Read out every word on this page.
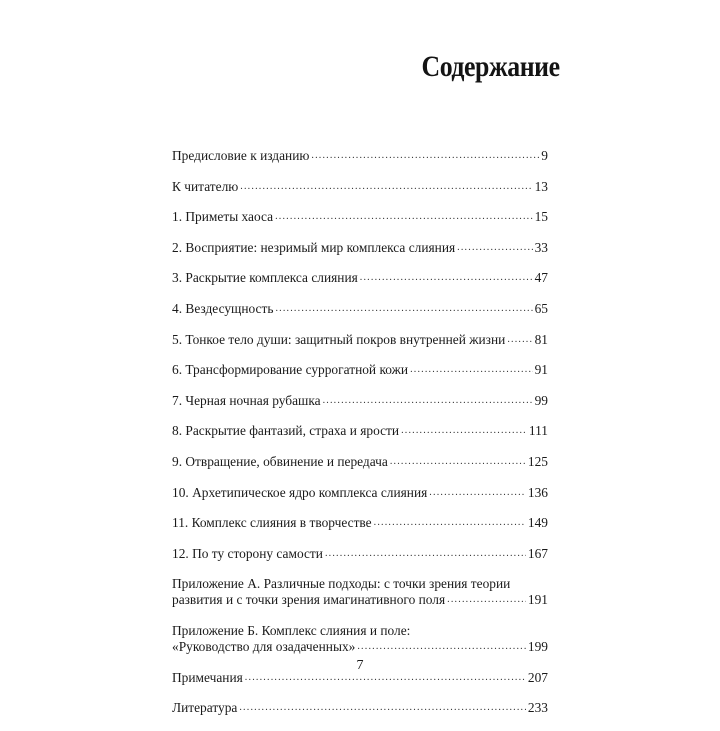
Содержание
Предисловие к изданию .....	9
К читателю .....	13
1. Приметы хаоса .....	15
2. Восприятие: незримый мир комплекса слияния .....	33
3. Раскрытие комплекса слияния .....	47
4. Вездесущность .....	65
5. Тонкое тело души: защитный покров внутренней жизни ..... 81
6. Трансформирование суррогатной кожи .....	91
7. Черная ночная рубашка .....	99
8. Раскрытие фантазий, страха и ярости .....	111
9. Отвращение, обвинение и передача .....	125
10. Архетипическое ядро комплекса слияния .....	136
11. Комплекс слияния в творчестве .....	149
12. По ту сторону самости .....	167
Приложение А. Различные подходы: с точки зрения теории
развития и с точки зрения имагинативного поля .....	191
Приложение Б. Комплекс слияния и поле:
«Руководство для озадаченных» .....	199
Примечания .....	207
Литература .....	233
7
